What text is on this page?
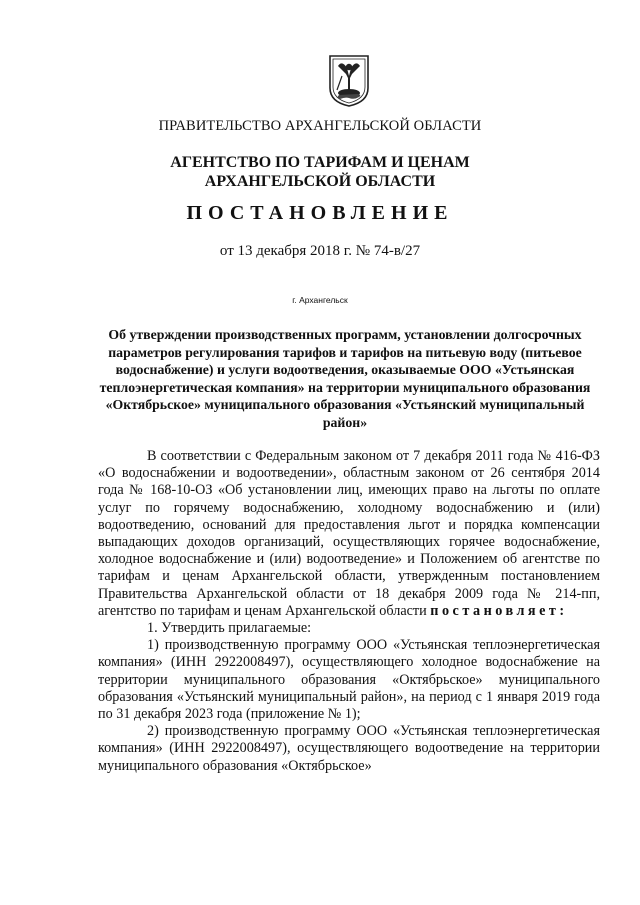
ПРАВИТЕЛЬСТВО АРХАНГЕЛЬСКОЙ ОБЛАСТИ
АГЕНТСТВО ПО ТАРИФАМ И ЦЕНАМ
АРХАНГЕЛЬСКОЙ ОБЛАСТИ
ПОСТАНОВЛЕНИЕ
от 13 декабря 2018 г. № 74-в/27
г. Архангельск
Об утверждении производственных программ, установлении долгосрочных параметров регулирования тарифов и тарифов на питьевую воду (питьевое водоснабжение) и услуги водоотведения, оказываемые ООО «Устьянская теплоэнергетическая компания» на территории муниципального образования «Октябрьское» муниципального образования «Устьянский муниципальный район»

В соответствии с Федеральным законом от 7 декабря 2011 года № 416-ФЗ «О водоснабжении и водоотведении», областным законом от 26 сентября 2014 года № 168-10-ОЗ «Об установлении лиц, имеющих право на льготы по оплате услуг по горячему водоснабжению, холодному водоснабжению и (или) водоотведению, оснований для предоставления льгот и порядка компенсации выпадающих доходов организаций, осуществляющих горячее водоснабжение, холодное водоснабжение и (или) водоотведение» и Положением об агентстве по тарифам и ценам Архангельской области, утвержденным постановлением Правительства Архангельской области от 18 декабря 2009 года № 214-пп, агентство по тарифам и ценам Архангельской области постановляет:

1. Утвердить прилагаемые:

1) производственную программу ООО «Устьянская теплоэнергетическая компания» (ИНН 2922008497), осуществляющего холодное водоснабжение на территории муниципального образования «Октябрьское» муниципального образования «Устьянский муниципальный район», на период с 1 января 2019 года по 31 декабря 2023 года (приложение № 1);

2) производственную программу ООО «Устьянская теплоэнергетическая компания» (ИНН 2922008497), осуществляющего водоотведение на территории муниципального образования «Октябрьское»
